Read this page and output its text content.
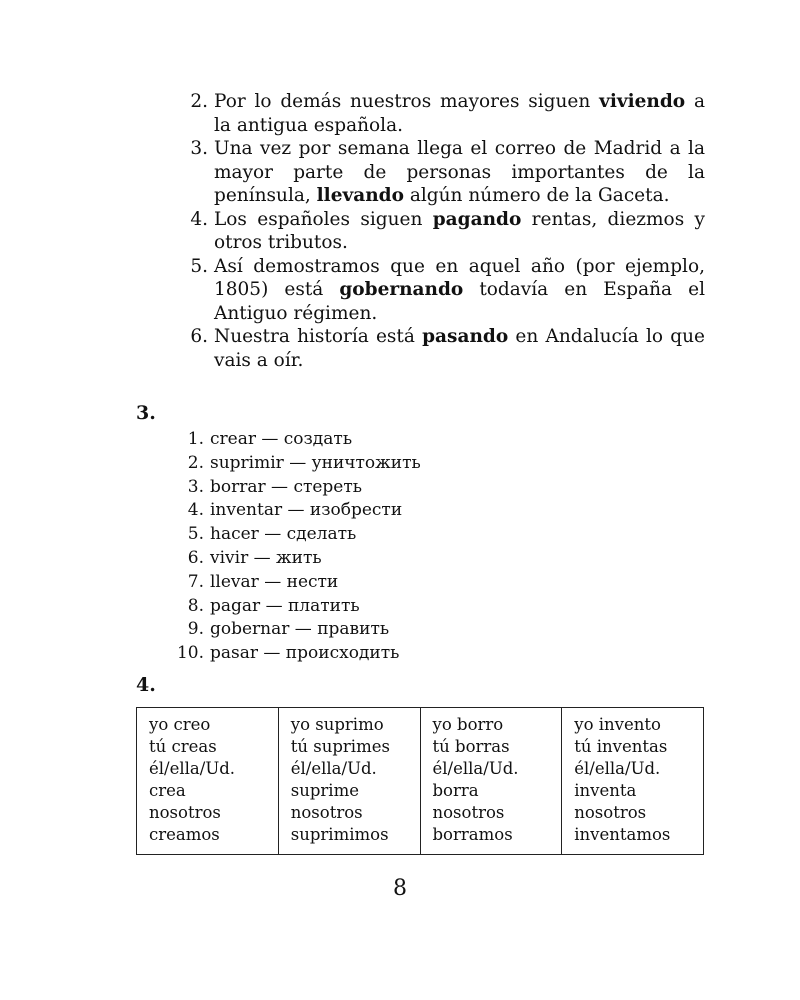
2. Por lo demás nuestros mayores siguen viviendo a la antigua española.
3. Una vez por semana llega el correo de Madrid a la mayor parte de personas importantes de la península, llevando algún número de la Gaceta.
4. Los españoles siguen pagando rentas, diezmos y otros tributos.
5. Así demostramos que en aquel año (por ejemplo, 1805) está gobernando todavía en España el Antiguo régimen.
6. Nuestra historía está pasando en Andalucía lo que vais a oír.
3.
1. crear — создать
2. suprimir — уничтожить
3. borrar — стереть
4. inventar — изобрести
5. hacer — сделать
6. vivir — жить
7. llevar — нести
8. pagar — платить
9. gobernar — править
10. pasar — происходить
4.
yo creo
tú creas
él/ella/Ud.
crea
nosotros
creamos

yo suprimo
tú suprimes
él/ella/Ud.
suprime
nosotros
suprimimos

yo borro
tú borras
él/ella/Ud.
borra
nosotros
borramos

yo invento
tú inventas
él/ella/Ud.
inventa
nosotros
inventamos
8
